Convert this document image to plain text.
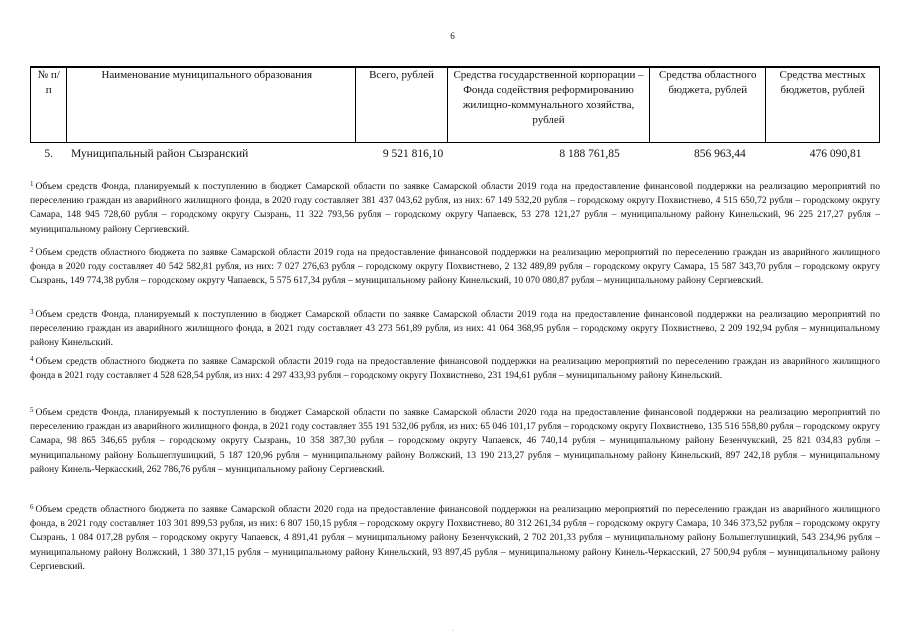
6
№ п/п	Наименование муниципального образования	Всего, рублей	Средства государственной корпорации – Фонда содействия реформированию жилищно-коммунального хозяйства, рублей	Средства областного бюджета, рублей	Средства местных бюджетов, рублей
5.	Муниципальный район Сызранский	9 521 816,10	8 188 761,85	856 963,44	476 090,81

$^1$ Объем средств Фонда, планируемый к поступлению в бюджет Самарской области по заявке Самарской области 2019 года на предоставление финансовой поддержки на реализацию мероприятий по переселению граждан из аварийного жилищного фонда, в 2020 году составляет 381 437 043,62 рубля, из них: 67 149 532,20 рубля – городскому округу Похвистнево, 4 515 650,72 рубля – городскому округу Самара, 148 945 728,60 рубля – городскому округу Сызрань, 11 322 793,56 рубля – городскому округу Чапаевск, 53 278 121,27 рубля – муниципальному району Кинельский, 96 225 217,27 рубля – муниципальному району Сергиевский.

$^2$ Объем средств областного бюджета по заявке Самарской области 2019 года на предоставление финансовой поддержки на реализацию мероприятий по переселению граждан из аварийного жилищного фонда в 2020 году составляет 40 542 582,81 рубля, из них: 7 027 276,63 рубля – городскому округу Похвистнево, 2 132 489,89 рубля – городскому округу Самара, 15 587 343,70 рубля – городскому округу Сызрань, 149 774,38 рубля – городскому округу Чапаевск, 5 575 617,34 рубля – муниципальному району Кинельский, 10 070 080,87 рубля – муниципальному району Сергиевский.

$^3$ Объем средств Фонда, планируемый к поступлению в бюджет Самарской области по заявке Самарской области 2019 года на предоставление финансовой поддержки на реализацию мероприятий по переселению граждан из аварийного жилищного фонда, в 2021 году составляет 43 273 561,89 рубля, из них: 41 064 368,95 рубля – городскому округу Похвистнево, 2 209 192,94 рубля – муниципальному району Кинельский.

$^4$ Объем средств областного бюджета по заявке Самарской области 2019 года на предоставление финансовой поддержки на реализацию мероприятий по переселению граждан из аварийного жилищного фонда в 2021 году составляет 4 528 628,54 рубля, из них: 4 297 433,93 рубля – городскому округу Похвистнево, 231 194,61 рубля – муниципальному району Кинельский.

$^5$ Объем средств Фонда, планируемый к поступлению в бюджет Самарской области по заявке Самарской области 2020 года на предоставление финансовой поддержки на реализацию мероприятий по переселению граждан из аварийного жилищного фонда, в 2021 году составляет 355 191 532,06 рубля, из них: 65 046 101,17 рубля – городскому округу Похвистнево, 135 516 558,80 рубля – городскому округу Самара, 98 865 346,65 рубля – городскому округу Сызрань, 10 358 387,30 рубля – городскому округу Чапаевск, 46 740,14 рубля – муниципальному району Безенчукский, 25 821 034,83 рубля – муниципальному району Большеглушицкий, 5 187 120,96 рубля – муниципальному району Волжский, 13 190 213,27 рубля – муниципальному району Кинельский, 897 242,18 рубля – муниципальному району Кинель-Черкасский, 262 786,76 рубля – муниципальному району Сергиевский.

$^6$ Объем средств областного бюджета по заявке Самарской области 2020 года на предоставление финансовой поддержки на реализацию мероприятий по переселению граждан из аварийного жилищного фонда, в 2021 году составляет 103 301 899,53 рубля, из них: 6 807 150,15 рубля – городскому округу Похвистнево, 80 312 261,34 рубля – городскому округу Самара, 10 346 373,52 рубля – городскому округу Сызрань, 1 084 017,28 рубля – городскому округу Чапаевск, 4 891,41 рубля – муниципальному району Безенчукский, 2 702 201,33 рубля – муниципальному району Большеглушицкий, 543 234,96 рубля – муниципальному району Волжский, 1 380 371,15 рубля – муниципальному району Кинельский, 93 897,45 рубля – муниципальному району Кинель-Черкасский, 27 500,94 рубля – муниципальному району Сергиевский.

·
